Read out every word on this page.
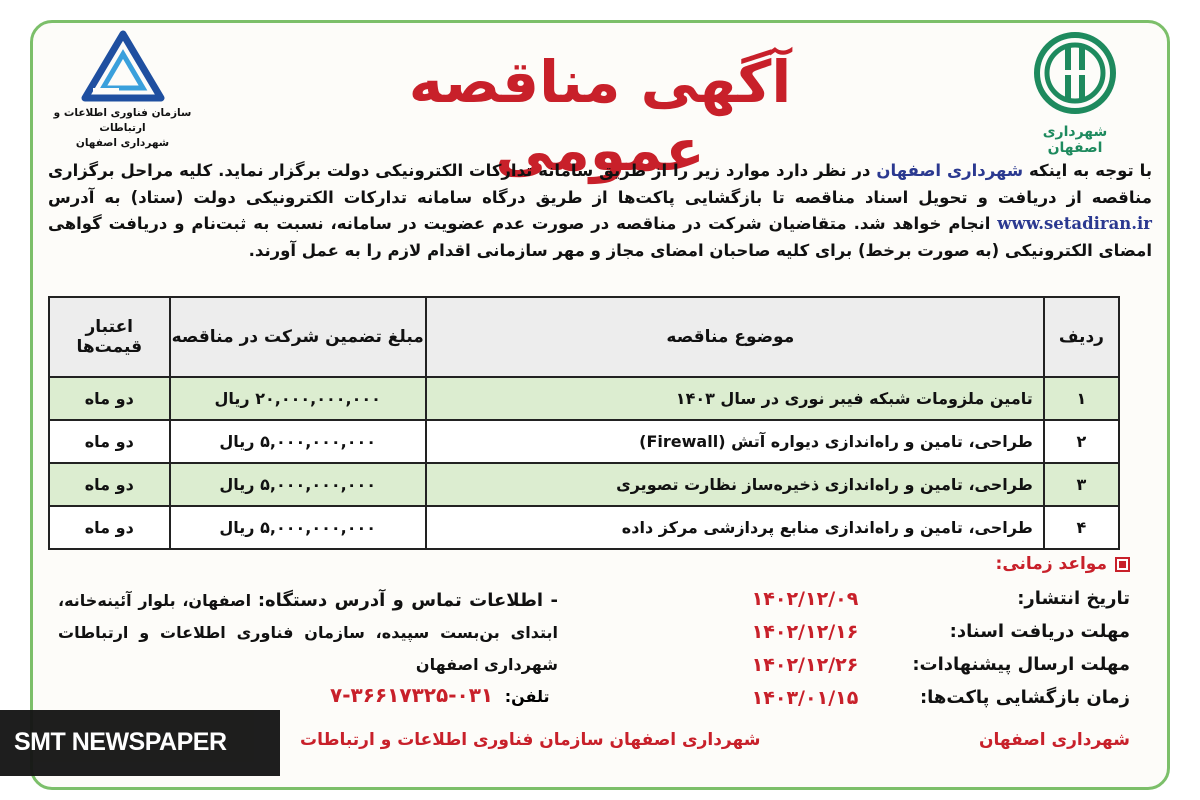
شهرداری اصفهان
سازمان فناوری اطلاعات و ارتباطات
شهرداری اصفهان
آگهی مناقصه عمومی	با توجه به اینکه شهرداری اصفهان در نظر دارد موارد زیر را از طریق سامانه تدارکات الکترونیکی دولت برگزار نماید. کلیه مراحل برگزاری مناقصه از دریافت و تحویل اسناد مناقصه تا بازگشایی پاکت‌ها از طریق درگاه سامانه تدارکات الکترونیکی دولت (ستاد) به آدرس www.setadiran.ir انجام خواهد شد. متقاضیان شرکت در مناقصه در صورت عدم عضویت در سامانه، نسبت به ثبت‌نام و دریافت گواهی امضای الکترونیکی (به صورت برخط) برای کلیه صاحبان امضای مجاز و مهر سازمانی اقدام لازم را به عمل آورند.
ردیف	موضوع مناقصه	مبلغ تضمین شرکت در مناقصه	اعتبار قیمت‌ها
۱	تامین ملزومات شبکه فیبر نوری در سال ۱۴۰۳	۲۰,۰۰۰,۰۰۰,۰۰۰ ریال	دو ماه
۲	طراحی، تامین و راه‌اندازی دیواره آتش (Firewall)	۵,۰۰۰,۰۰۰,۰۰۰ ریال	دو ماه
۳	طراحی، تامین و راه‌اندازی ذخیره‌ساز نظارت تصویری	۵,۰۰۰,۰۰۰,۰۰۰ ریال	دو ماه
۴	طراحی، تامین و راه‌اندازی منابع پردازشی مرکز داده	۵,۰۰۰,۰۰۰,۰۰۰ ریال	دو ماه
مواعد زمانی:
تاریخ انتشار:
۱۴۰۲/۱۲/۰۹
مهلت دریافت اسناد:
۱۴۰۲/۱۲/۱۶
مهلت ارسال پیشنهادات:
۱۴۰۲/۱۲/۲۶
زمان بازگشایی پاکت‌ها:
۱۴۰۳/۰۱/۱۵
شهرداری اصفهان
- اطلاعات تماس و آدرس دستگاه: اصفهان، بلوار آئینه‌خانه، ابتدای بن‌بست سپیده، سازمان فناوری اطلاعات و ارتباطات شهرداری اصفهان
تلفن: ۰۳۱-۳۶۶۱۷۳۲۵-۷
شهرداری اصفهان سازمان فناوری اطلاعات و ارتباطات
SMT NEWSPAPER
